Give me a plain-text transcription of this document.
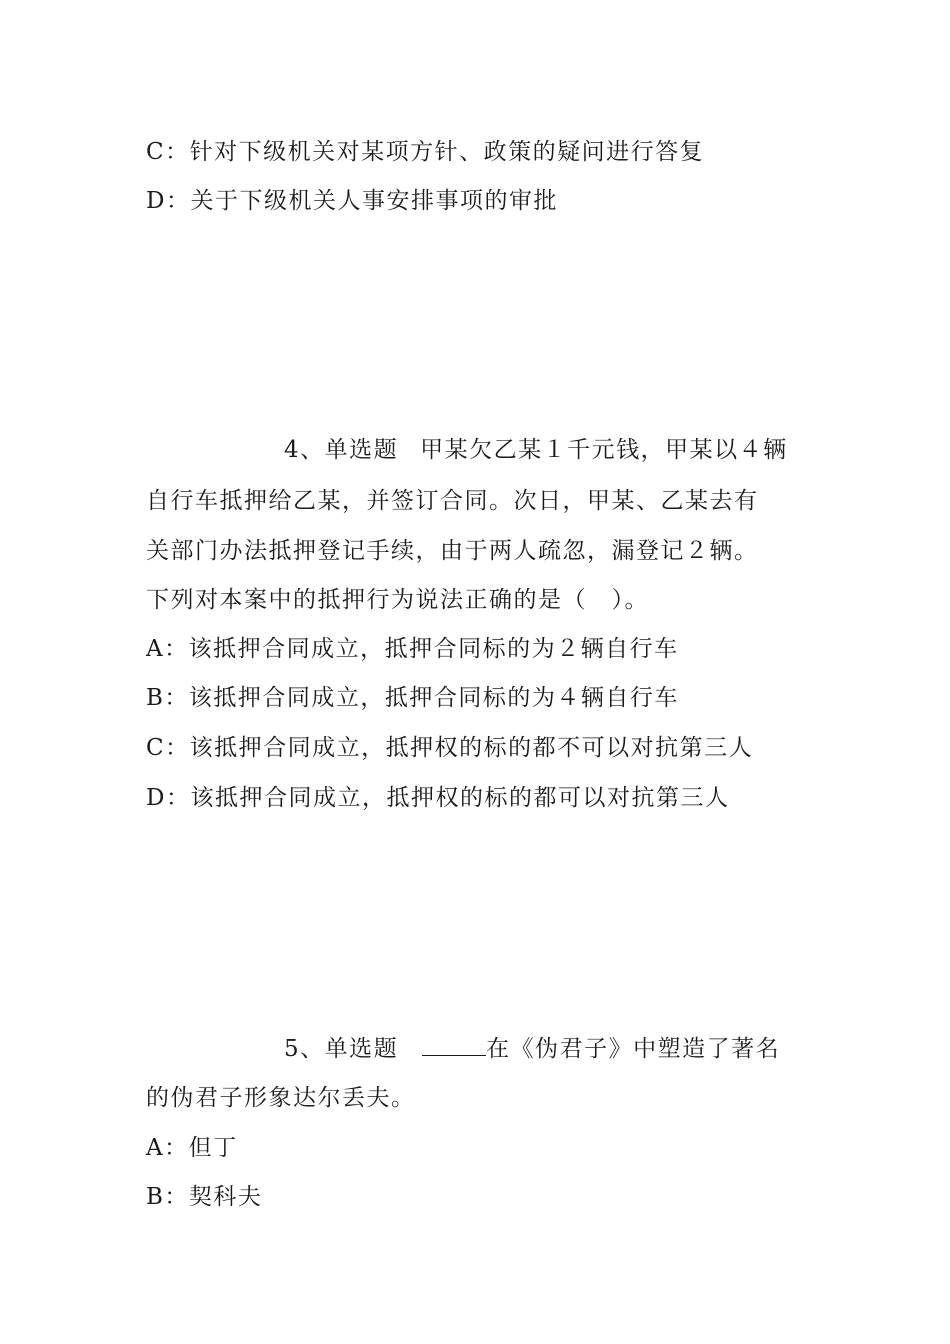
C：针对下级机关对某项方针、政策的疑问进行答复
D：关于下级机关人事安排事项的审批
4、单选题 甲某欠乙某１千元钱，甲某以４辆
自行车抵押给乙某，并签订合同。次日，甲某、乙某去有
关部门办法抵押登记手续，由于两人疏忽，漏登记２辆。
下列对本案中的抵押行为说法正确的是（　）。
A：该抵押合同成立，抵押合同标的为２辆自行车
B：该抵押合同成立，抵押合同标的为４辆自行车
C：该抵押合同成立，抵押权的标的都不可以对抗第三人
D：该抵押合同成立，抵押权的标的都可以对抗第三人
5、单选题	在《伪君子》中塑造了著名
的伪君子形象达尔丢夫。
A：但丁
B：契科夫
